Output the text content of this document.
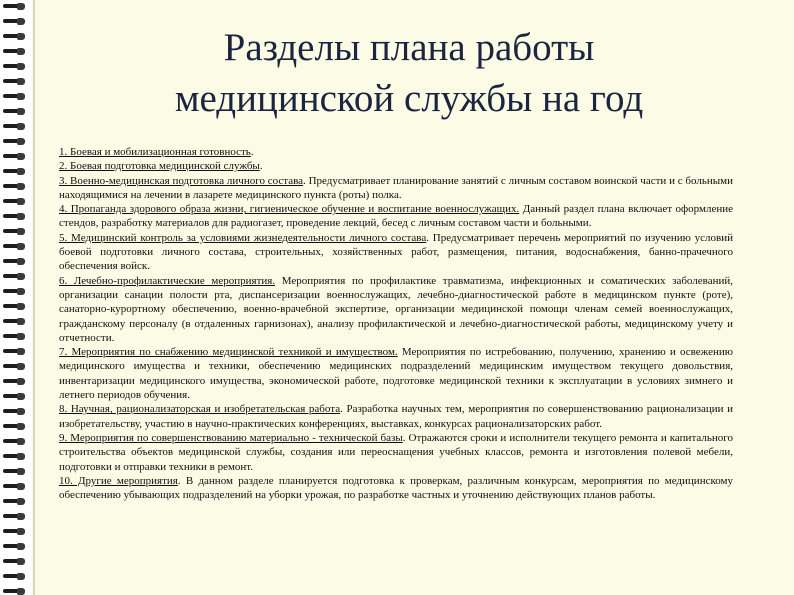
Разделы плана работы
медицинской службы на год

1. Боевая и мобилизационная готовность.

2. Боевая подготовка медицинской службы.

3. Военно-медицинская подготовка личного состава. Предусматривает планирование занятий с личным составом воинской части и с больными находящимися на лечении в лазарете медицинского пункта (роты) полка.

4. Пропаганда здорового образа жизни, гигиеническое обучение и воспитание военнослужащих. Данный раздел плана включает оформление стендов, разработку материалов для радиогазет, проведение лекций, бесед с личным составом части и больными.

5. Медицинский контроль за условиями жизнедеятельности личного состава. Предусматривает перечень мероприятий по изучению условий боевой подготовки личного состава, строительных, хозяйственных работ, размещения, питания, водоснабжения, банно-прачечного обеспечения войск.

6. Лечебно-профилактические мероприятия. Мероприятия по профилактике травматизма, инфекционных и соматических заболеваний, организации санации полости рта, диспансеризации военнослужащих, лечебно-диагностической работе в медицинском пункте (роте), санаторно-курортному обеспечению, военно-врачебной экспертизе, организации медицинской помощи членам семей военнослужащих, гражданскому персоналу (в отдаленных гарнизонах), анализу профилактической и лечебно-диагностической работы, медицинскому учету и отчетности.

7. Мероприятия по снабжению медицинской техникой и имуществом. Мероприятия по истребованию, получению, хранению и освежению медицинского имущества и техники, обеспечению медицинских подразделений медицинским имуществом текущего довольствия, инвентаризации медицинского имущества, экономической работе, подготовке медицинской техники к эксплуатации в условиях зимнего и летнего периодов обучения.

8. Научная, рационализаторская и изобретательская работа. Разработка научных тем, мероприятия по совершенствованию рационализации и изобретательству, участию в научно-практических конференциях, выставках, конкурсах рационализаторских работ.

9. Мероприятия по совершенствованию материально - технической базы. Отражаются сроки и исполнители текущего ремонта и капитального строительства объектов медицинской службы, создания или переоснащения учебных классов, ремонта и изготовления полевой мебели, подготовки и отправки техники в ремонт.

10. Другие мероприятия. В данном разделе планируется подготовка к проверкам, различным конкурсам, мероприятия по медицинскому обеспечению убывающих подразделений на уборки урожая, по разработке частных и уточнению действующих планов работы.
